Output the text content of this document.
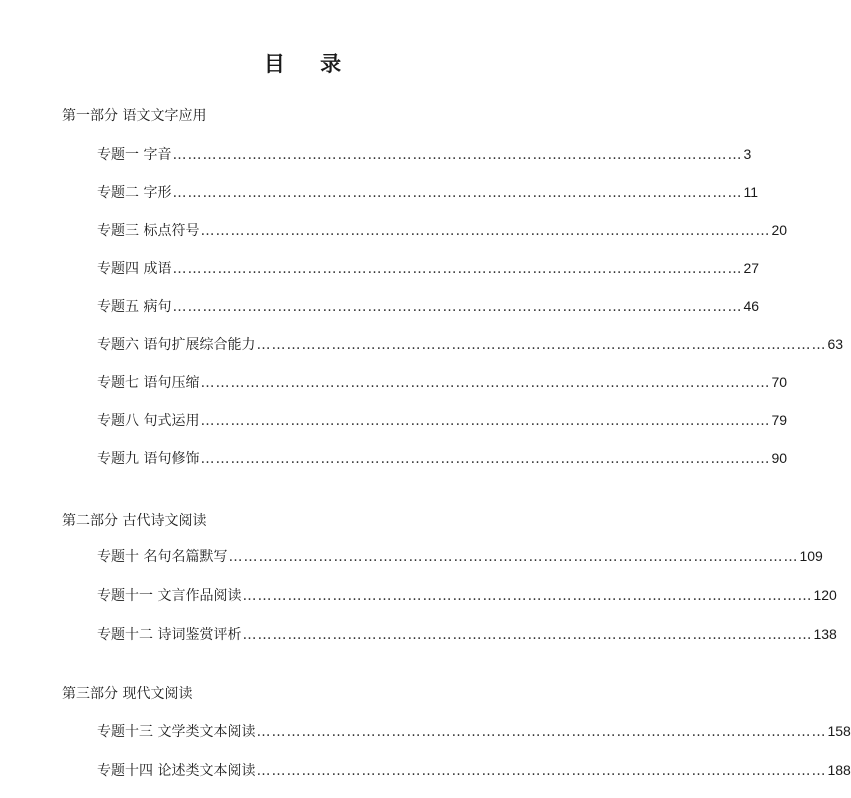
目 录
第一部分 语文文字应用
专题一 字音 …………………………………………………………………………………………………… 3
专题二 字形 …………………………………………………………………………………………………… 11
专题三 标点符号 …………………………………………………………………………………………………… 20
专题四 成语 …………………………………………………………………………………………………… 27
专题五 病句 …………………………………………………………………………………………………… 46
专题六 语句扩展综合能力 …………………………………………………………………………………………………… 63
专题七 语句压缩 …………………………………………………………………………………………………… 70
专题八 句式运用 …………………………………………………………………………………………………… 79
专题九 语句修饰 …………………………………………………………………………………………………… 90
第二部分 古代诗文阅读
专题十 名句名篇默写 …………………………………………………………………………………………………… 109
专题十一 文言作品阅读 …………………………………………………………………………………………………… 120
专题十二 诗词鉴赏评析 …………………………………………………………………………………………………… 138
第三部分 现代文阅读
专题十三 文学类文本阅读 …………………………………………………………………………………………………… 158
专题十四 论述类文本阅读 …………………………………………………………………………………………………… 188
